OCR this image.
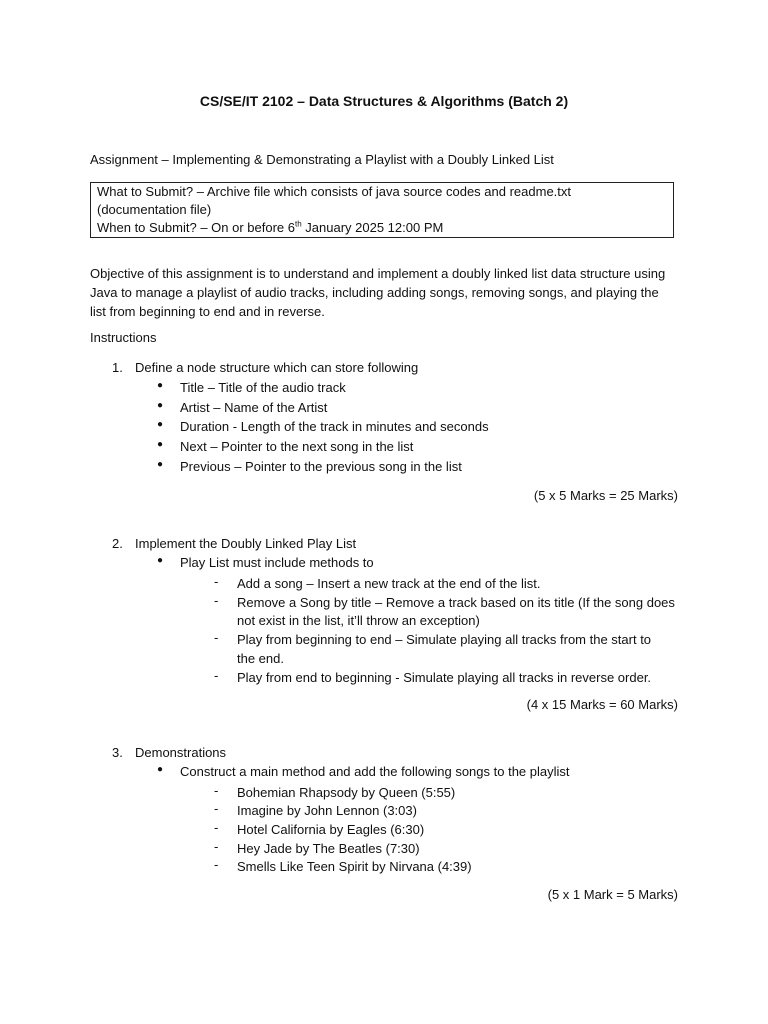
CS/SE/IT 2102 – Data Structures & Algorithms (Batch 2)
Assignment – Implementing & Demonstrating a Playlist with a Doubly Linked List
What to Submit? – Archive file which consists of java source codes and readme.txt
(documentation file)
When to Submit? – On or before 6th January 2025 12:00 PM
Objective of this assignment is to understand and implement a doubly linked list data structure using
Java to manage a playlist of audio tracks, including adding songs, removing songs, and playing the
list from beginning to end and in reverse.
Instructions
1. Define a node structure which can store following
● Title – Title of the audio track
● Artist – Name of the Artist
● Duration - Length of the track in minutes and seconds
● Next – Pointer to the next song in the list
● Previous – Pointer to the previous song in the list
(5 x 5 Marks = 25 Marks)
2. Implement the Doubly Linked Play List
● Play List must include methods to
- Add a song – Insert a new track at the end of the list.
- Remove a Song by title – Remove a track based on its title (If the song does
not exist in the list, it’ll throw an exception)
- Play from beginning to end – Simulate playing all tracks from the start to
the end.
- Play from end to beginning - Simulate playing all tracks in reverse order.
(4 x 15 Marks = 60 Marks)
3. Demonstrations
● Construct a main method and add the following songs to the playlist
- Bohemian Rhapsody by Queen (5:55)
- Imagine by John Lennon (3:03)
- Hotel California by Eagles (6:30)
- Hey Jade by The Beatles (7:30)
- Smells Like Teen Spirit by Nirvana (4:39)
(5 x 1 Mark = 5 Marks)
